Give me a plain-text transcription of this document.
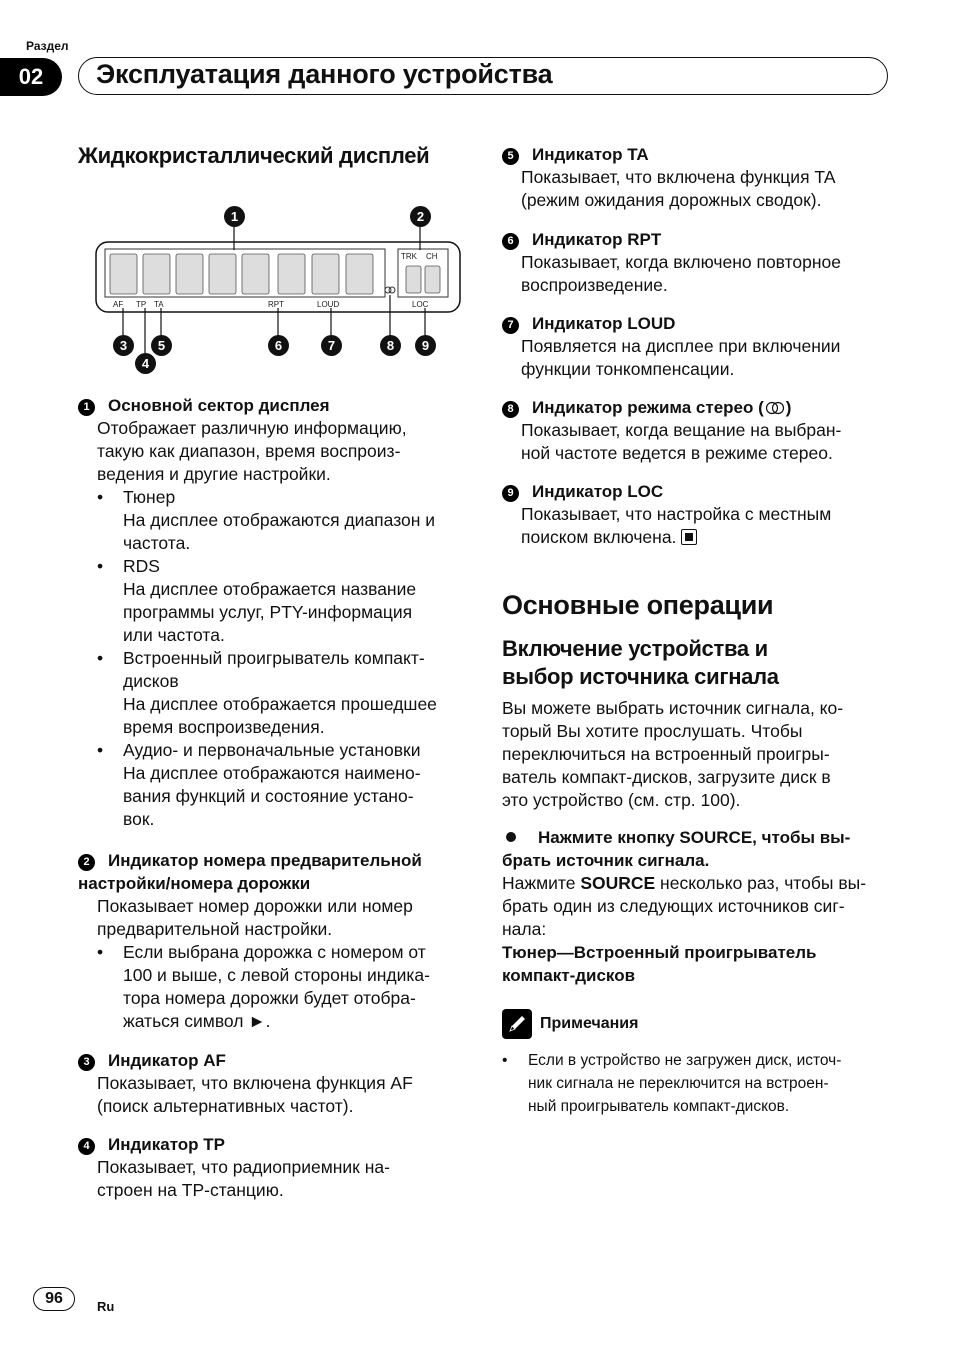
Раздел
02	Эксплуатация данного устройства
Жидкокристаллический дисплей
AF TP TA	RPT	LOUD
TRK CH
LOC
1	2
3
4
5	6	7	8	9
1 Основной сектор дисплея
Отображает различную информацию,
такую как диапазон, время воспроиз-
ведения и другие настройки.
• Тюнер
На дисплее отображаются диапазон и
частота.
• RDS
На дисплее отображается название
программы услуг, PTY-информация
или частота.
• Встроенный проигрыватель компакт-
дисков
На дисплее отображается прошедшее
время воспроизведения.
• Аудио- и первоначальные установки
На дисплее отображаются наимено-
вания функций и состояние устано-
вок.
2 Индикатор номера предварительной
настройки/номера дорожки
Показывает номер дорожки или номер
предварительной настройки.
• Если выбрана дорожка с номером от
100 и выше, с левой стороны индика-
тора номера дорожки будет отобра-
жаться символ ►.
3 Индикатор AF
Показывает, что включена функция AF
(поиск альтернативных частот).
4 Индикатор TP
Показывает, что радиоприемник на-
строен на TP-станцию.
5 Индикатор TA
Показывает, что включена функция TA
(режим ожидания дорожных сводок).
6 Индикатор RPT
Показывает, когда включено повторное
воспроизведение.
7 Индикатор LOUD
Появляется на дисплее при включении
функции тонкомпенсации.
8 Индикатор режима стерео ( )
Показывает, когда вещание на выбран-
ной частоте ведется в режиме стерео.
9 Индикатор LOC
Показывает, что настройка с местным
поиском включена.
Основные операции
Включение устройства и
выбор источника сигнала
Вы можете выбрать источник сигнала, ко-
торый Вы хотите прослушать. Чтобы
переключиться на встроенный проигры-
ватель компакт-дисков, загрузите диск в
это устройство (см. стр. 100).
Нажмите кнопку SOURCE, чтобы вы-
брать источник сигнала.
Нажмите SOURCE несколько раз, чтобы вы-
брать один из следующих источников сиг-
нала:
Тюнер—Встроенный проигрыватель
компакт-дисков
Примечания
• Если в устройство не загружен диск, источ-
ник сигнала не переключится на встроен-
ный проигрыватель компакт-дисков.
96	Ru
